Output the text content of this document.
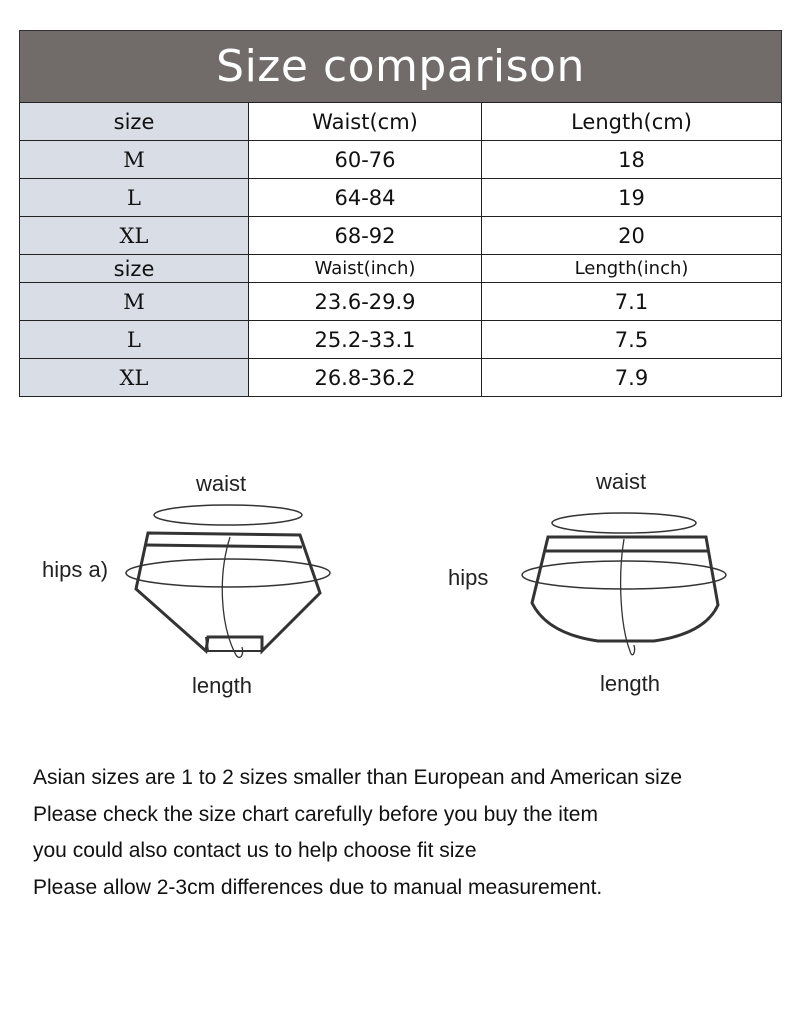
Size comparison
size	Waist(cm)	Length(cm)
M	60-76	18
L	64-84	19
XL	68-92	20
size	Waist(inch)	Length(inch)
M	23.6-29.9	7.1
L	25.2-33.1	7.5
XL	26.8-36.2	7.9
waist
hips a)
length
waist
hips
length
Asian sizes are 1 to 2 sizes smaller than European and American size
Please check the size chart carefully before you buy the item
you could also contact us to help choose fit size
Please allow 2-3cm differences due to manual measurement.
